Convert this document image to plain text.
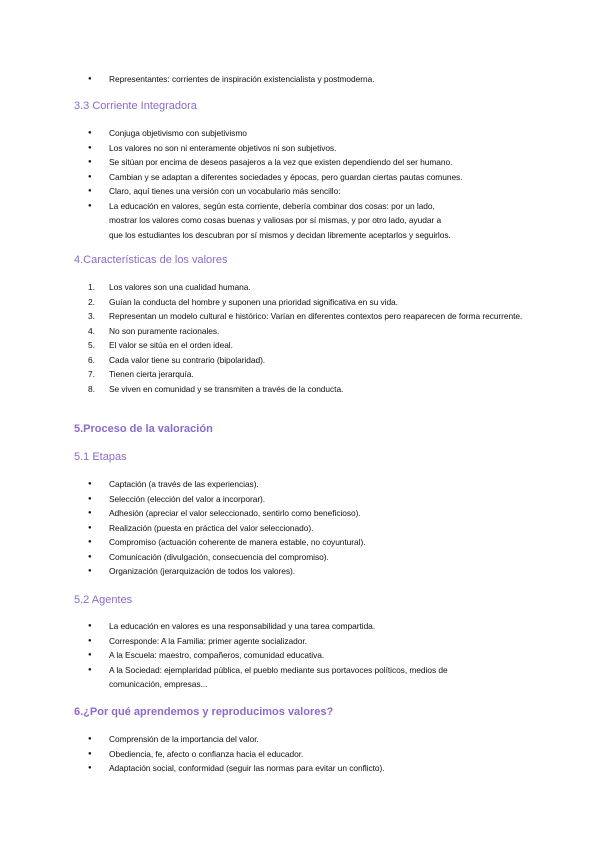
● Representantes: corrientes de inspiración existencialista y postmoderna.
3.3 Corriente Integradora
● Conjuga objetivismo con subjetivismo
● Los valores no son ni enteramente objetivos ni son subjetivos.
● Se sitúan por encima de deseos pasajeros a la vez que existen dependiendo del ser humano.
● Cambian y se adaptan a diferentes sociedades y épocas, pero guardan ciertas pautas comunes.
● Claro, aquí tienes una versión con un vocabulario más sencillo:
● La educación en valores, según esta corriente, debería combinar dos cosas: por un lado,
mostrar los valores como cosas buenas y valiosas por sí mismas, y por otro lado, ayudar a
que los estudiantes los descubran por sí mismos y decidan libremente aceptarlos y seguirlos.
4.Características de los valores
1. Los valores son una cualidad humana.
2. Guían la conducta del hombre y suponen una prioridad significativa en su vida.
3. Representan un modelo cultural e histórico: Varían en diferentes contextos pero reaparecen de forma recurrente.
4. No son puramente racionales.
5. El valor se sitúa en el orden ideal.
6. Cada valor tiene su contrario (bipolaridad).
7. Tienen cierta jerarquía.
8. Se viven en comunidad y se transmiten a través de la conducta.
5.Proceso de la valoración
5.1 Etapas
● Captación (a través de las experiencias).
● Selección (elección del valor a incorporar).
● Adhesión (apreciar el valor seleccionado, sentirlo como beneficioso).
● Realización (puesta en práctica del valor seleccionado).
● Compromiso (actuación coherente de manera estable, no coyuntural).
● Comunicación (divulgación, consecuencia del compromiso).
● Organización (jerarquización de todos los valores).
5.2 Agentes
● La educación en valores es una responsabilidad y una tarea compartida.
● Corresponde: A la Familia: primer agente socializador.
● A la Escuela: maestro, compañeros, comunidad educativa.
● A la Sociedad: ejemplaridad pública, el pueblo mediante sus portavoces políticos, medios de comunicación, empresas...
6.¿Por qué aprendemos y reproducimos valores?
● Comprensión de la importancia del valor.
● Obediencia, fe, afecto o confianza hacia el educador.
● Adaptación social, conformidad (seguir las normas para evitar un conflicto).
